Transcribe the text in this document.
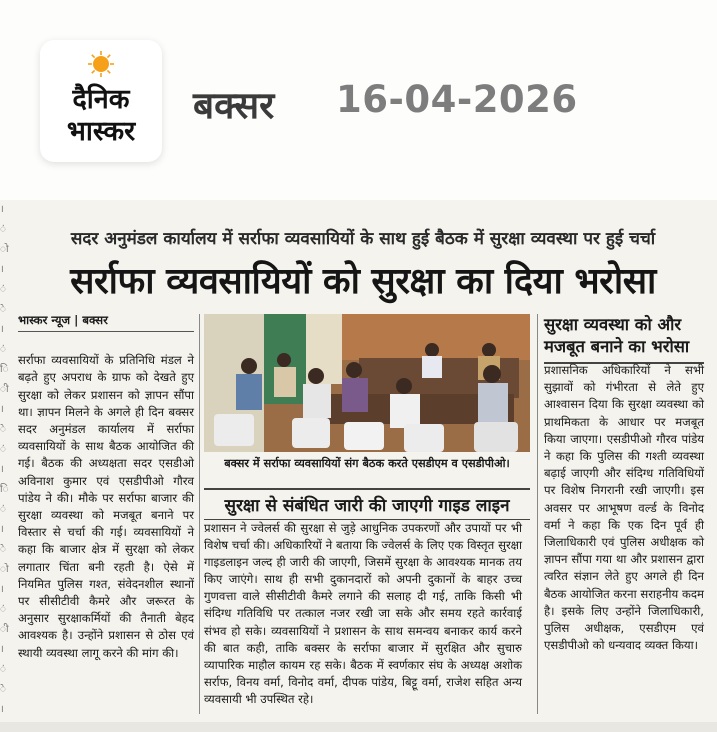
दैनिक
भास्कर
बक्सर 16-04-2026
।
ं
ो
।
ं
े
।
ं
ि
ी
।
े
ं
।
ि
ं
।
े
ो
।
ं
ी
।
ं
े
।
सदर अनुमंडल कार्यालय में सर्राफा व्यवसायियों के साथ हुई बैठक में सुरक्षा व्यवस्था पर हुई चर्चा
सर्राफा व्यवसायियों को सुरक्षा का दिया भरोसा
भास्कर न्यूज | बक्सर
सर्राफा व्यवसायियों के प्रतिनिधि मंडल ने बढ़ते हुए अपराध के ग्राफ को देखते हुए सुरक्षा को लेकर प्रशासन को ज्ञापन सौंपा था। ज्ञापन मिलने के अगले ही दिन बक्सर सदर अनुमंडल कार्यालय में सर्राफा व्यवसायियों के साथ बैठक आयोजित की गई। बैठक की अध्यक्षता सदर एसडीओ अविनाश कुमार एवं एसडीपीओ गौरव पांडेय ने की। मौके पर सर्राफा बाजार की सुरक्षा व्यवस्था को मजबूत बनाने पर विस्तार से चर्चा की गई। व्यवसायियों ने कहा कि बाजार क्षेत्र में सुरक्षा को लेकर लगातार चिंता बनी रहती है। ऐसे में नियमित पुलिस गश्त, संवेदनशील स्थानों पर सीसीटीवी कैमरे और जरूरत के अनुसार सुरक्षाकर्मियों की तैनाती बेहद आवश्यक है। उन्होंने प्रशासन से ठोस एवं स्थायी व्यवस्था लागू करने की मांग की।
बक्सर में सर्राफा व्यवसायियों संग बैठक करते एसडीएम व एसडीपीओ।
सुरक्षा से संबंधित जारी की जाएगी गाइड लाइन
प्रशासन ने ज्वेलर्स की सुरक्षा से जुड़े आधुनिक उपकरणों और उपायों पर भी विशेष चर्चा की। अधिकारियों ने बताया कि ज्वेलर्स के लिए एक विस्तृत सुरक्षा गाइडलाइन जल्द ही जारी की जाएगी, जिसमें सुरक्षा के आवश्यक मानक तय किए जाएंगे। साथ ही सभी दुकानदारों को अपनी दुकानों के बाहर उच्च गुणवत्ता वाले सीसीटीवी कैमरे लगाने की सलाह दी गई, ताकि किसी भी संदिग्ध गतिविधि पर तत्काल नजर रखी जा सके और समय रहते कार्रवाई संभव हो सके। व्यवसायियों ने प्रशासन के साथ समन्वय बनाकर कार्य करने की बात कही, ताकि बक्सर के सर्राफा बाजार में सुरक्षित और सुचारु व्यापारिक माहौल कायम रह सके। बैठक में स्वर्णकार संघ के अध्यक्ष अशोक सर्राफ, विनय वर्मा, विनोद वर्मा, दीपक पांडेय, बिट्टू वर्मा, राजेश सहित अन्य व्यवसायी भी उपस्थित रहे।
सुरक्षा व्यवस्था को और मजबूत बनाने का भरोसा
प्रशासनिक अधिकारियों ने सभी सुझावों को गंभीरता से लेते हुए आश्वासन दिया कि सुरक्षा व्यवस्था को प्राथमिकता के आधार पर मजबूत किया जाएगा। एसडीपीओ गौरव पांडेय ने कहा कि पुलिस की गश्ती व्यवस्था बढ़ाई जाएगी और संदिग्ध गतिविधियों पर विशेष निगरानी रखी जाएगी। इस अवसर पर आभूषण वर्ल्ड के विनोद वर्मा ने कहा कि एक दिन पूर्व ही जिलाधिकारी एवं पुलिस अधीक्षक को ज्ञापन सौंपा गया था और प्रशासन द्वारा त्वरित संज्ञान लेते हुए अगले ही दिन बैठक आयोजित करना सराहनीय कदम है। इसके लिए उन्होंने जिलाधिकारी, पुलिस अधीक्षक, एसडीएम एवं एसडीपीओ को धन्यवाद व्यक्त किया।
